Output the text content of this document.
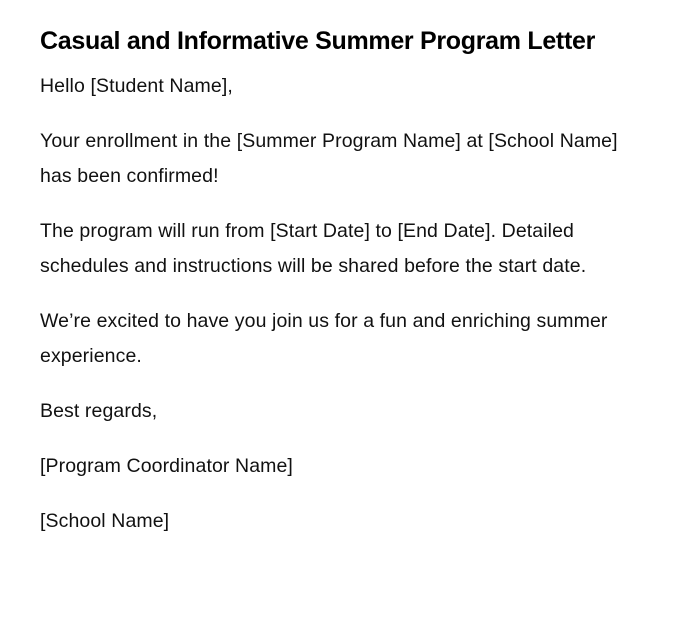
Casual and Informative Summer Program Letter

Hello [Student Name],

Your enrollment in the [Summer Program Name] at [School Name] has been confirmed!

The program will run from [Start Date] to [End Date]. Detailed schedules and instructions will be shared before the start date.

We’re excited to have you join us for a fun and enriching summer experience.

Best regards,

[Program Coordinator Name]

[School Name]
